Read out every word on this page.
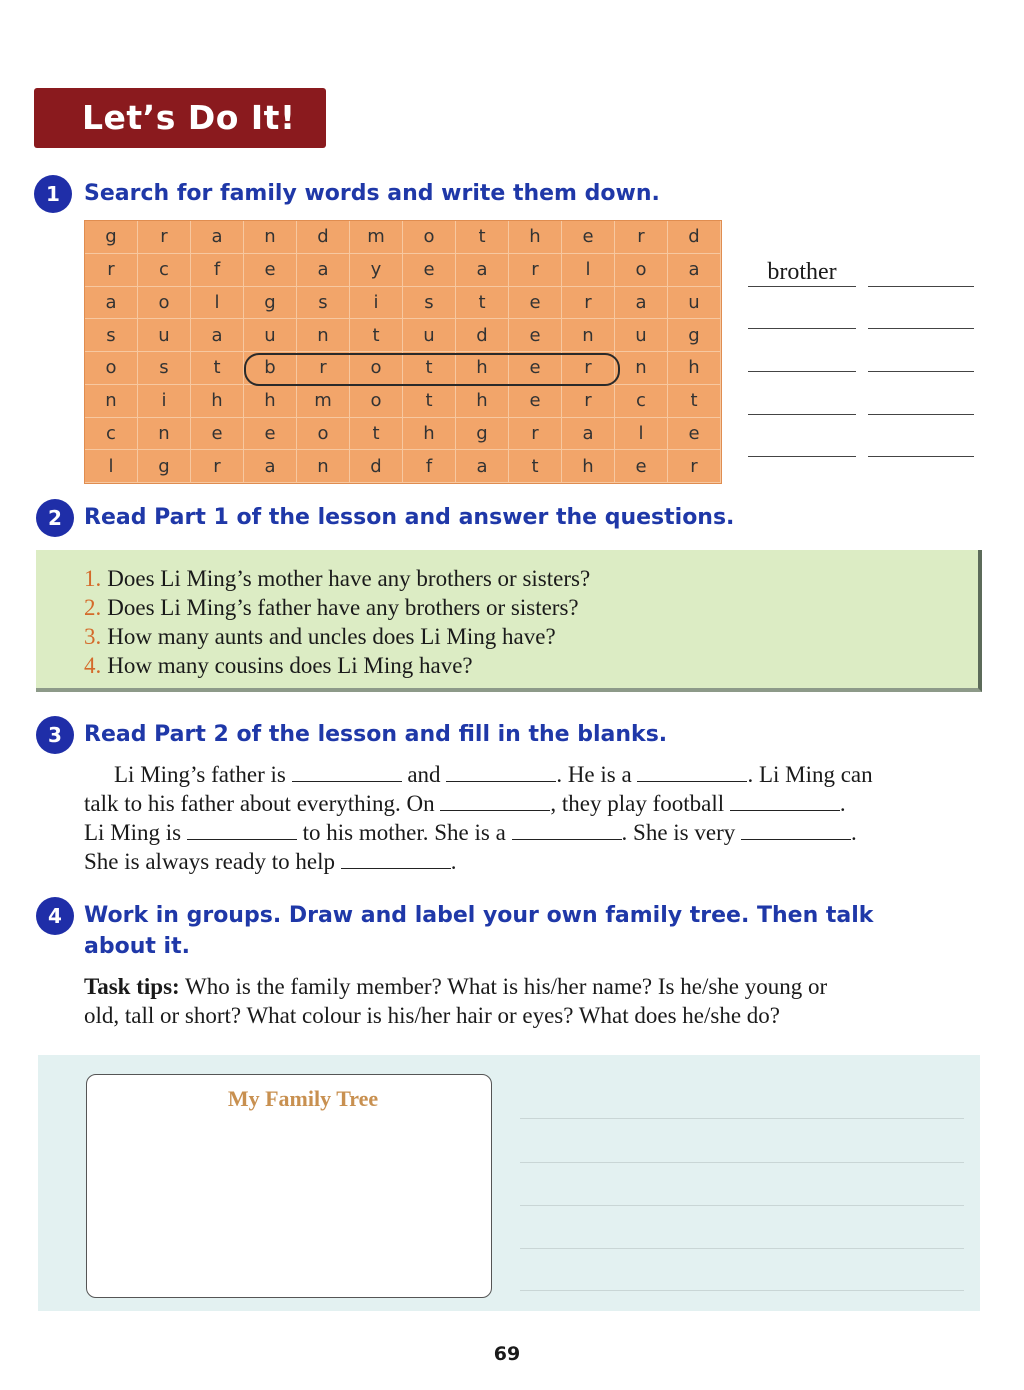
Let’s Do It!
1	Search for family words and write them down.
g	r	a	n	d	m	o	t	h	e	r	d
r	c	f	e	a	y	e	a	r	l	o	a
a	o	l	g	s	i	s	t	e	r	a	u
s	u	a	u	n	t	u	d	e	n	u	g
o	s	t	b	r	o	t	h	e	r	n	h
n	i	h	h	m	o	t	h	e	r	c	t
c	n	e	e	o	t	h	g	r	a	l	e
l	g	r	a	n	d	f	a	t	h	e	r
brother
2	Read Part 1 of the lesson and answer the questions.
1. Does Li Ming’s mother have any brothers or sisters?
2. Does Li Ming’s father have any brothers or sisters?
3. How many aunts and uncles does Li Ming have?
4. How many cousins does Li Ming have?
3	Read Part 2 of the lesson and fill in the blanks.
Li Ming’s father is	and	. He is a	. Li Ming can
talk to his father about everything. On	, they play football	.
Li Ming is	to his mother. She is a	. She is very	.
She is always ready to help	.
4	Work in groups. Draw and label your own family tree. Then talk
about it.
Task tips: Who is the family member? What is his/her name? Is he/she young or
old, tall or short? What colour is his/her hair or eyes? What does he/she do?
My Family Tree
69
